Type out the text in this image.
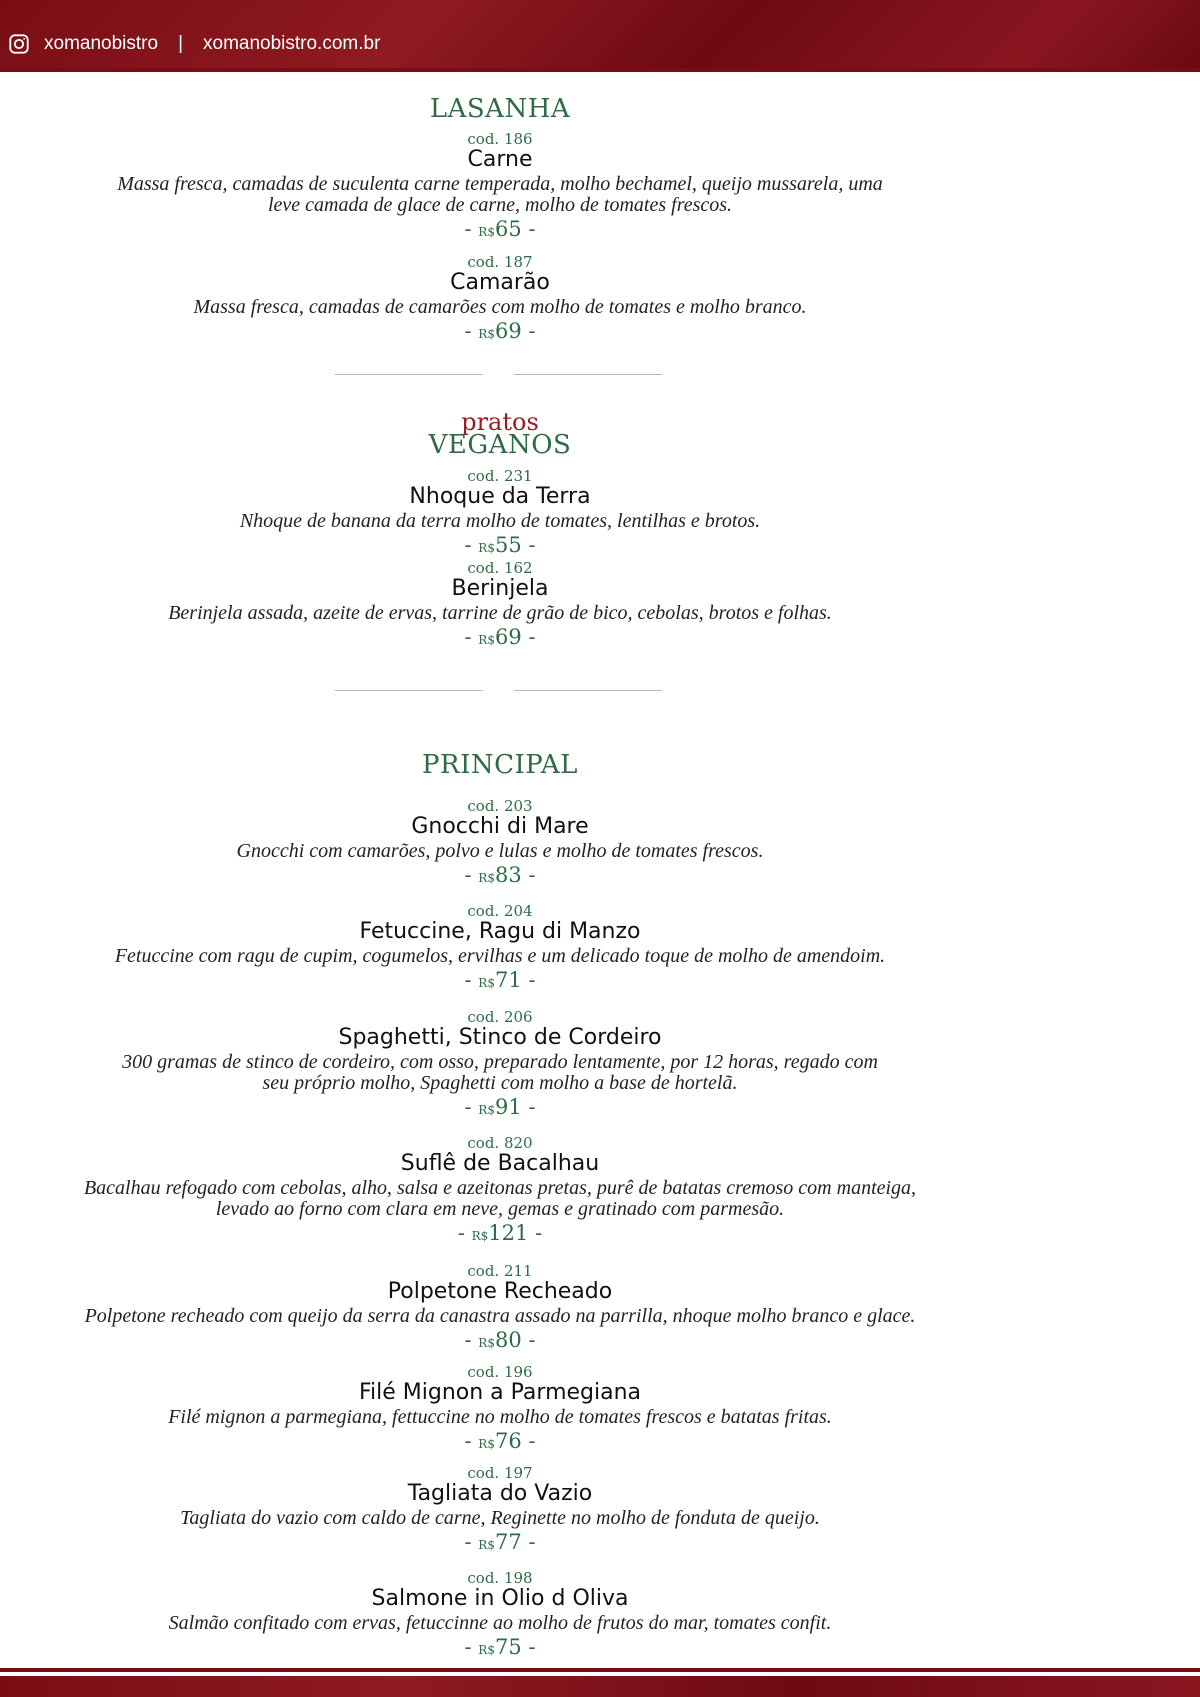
xomanobistro	|	xomanobistro.com.br
LASANHA
cod. 186
Carne
Massa fresca, camadas de suculenta carne temperada, molho bechamel, queijo mussarela, uma leve camada de glace de carne, molho de tomates frescos.
- R$65 -
cod. 187
Camarão
Massa fresca, camadas de camarões com molho de tomates e molho branco.
- R$69 -
pratos
VEGANOS
cod. 231
Nhoque da Terra
Nhoque de banana da terra molho de tomates, lentilhas e brotos.
- R$55 -
cod. 162
Berinjela
Berinjela assada, azeite de ervas, tarrine de grão de bico, cebolas, brotos e folhas.
- R$69 -
PRINCIPAL
cod. 203
Gnocchi di Mare
Gnocchi com camarões, polvo e lulas e molho de tomates frescos.
- R$83 -
cod. 204
Fetuccine, Ragu di Manzo
Fetuccine com ragu de cupim, cogumelos, ervilhas e um delicado toque de molho de amendoim.
- R$71 -
cod. 206
Spaghetti, Stinco de Cordeiro
300 gramas de stinco de cordeiro, com osso, preparado lentamente, por 12 horas, regado com seu próprio molho, Spaghetti com molho a base de hortelã.
- R$91 -
cod. 820
Suflê de Bacalhau
Bacalhau refogado com cebolas, alho, salsa e azeitonas pretas, purê de batatas cremoso com manteiga, levado ao forno com clara em neve, gemas e gratinado com parmesão.
- R$121 -
cod. 211
Polpetone Recheado
Polpetone recheado com queijo da serra da canastra assado na parrilla, nhoque molho branco e glace.
- R$80 -
cod. 196
Filé Mignon a Parmegiana
Filé mignon a parmegiana, fettuccine no molho de tomates frescos e batatas fritas.
- R$76 -
cod. 197
Tagliata do Vazio
Tagliata do vazio com caldo de carne, Reginette no molho de fonduta de queijo.
- R$77 -
cod. 198
Salmone in Olio d Oliva
Salmão confitado com ervas, fetuccinne ao molho de frutos do mar, tomates confit.
- R$75 -
